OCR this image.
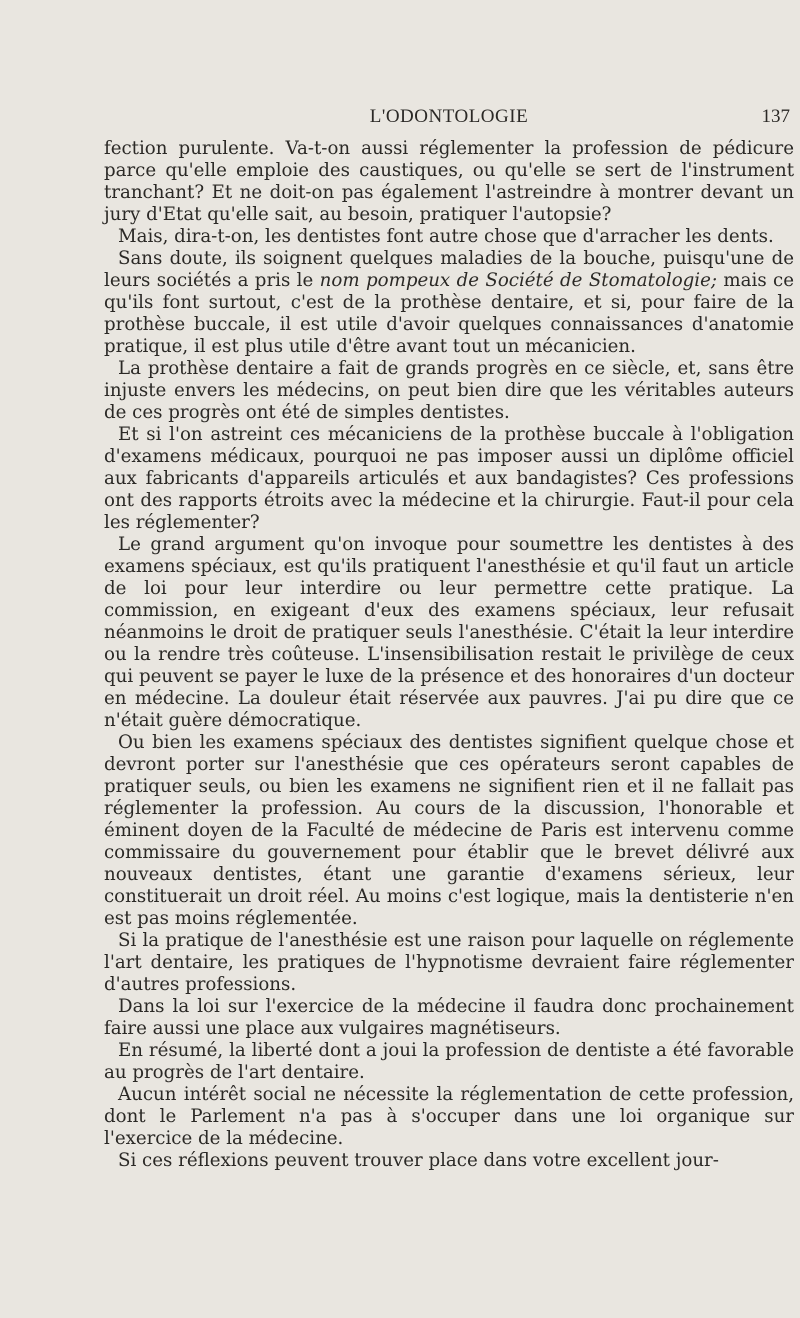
L'ODONTOLOGIE	137

fection purulente. Va-t-on aussi réglementer la profession de pédicure parce qu'elle emploie des caustiques, ou qu'elle se sert de l'instrument tranchant? Et ne doit-on pas également l'astreindre à montrer devant un jury d'Etat qu'elle sait, au besoin, pratiquer l'autopsie?

Mais, dira-t-on, les dentistes font autre chose que d'arracher les dents.

Sans doute, ils soignent quelques maladies de la bouche, puisqu'une de leurs sociétés a pris le nom pompeux de Société de Stomatologie; mais ce qu'ils font surtout, c'est de la prothèse dentaire, et si, pour faire de la prothèse buccale, il est utile d'avoir quelques connaissances d'anatomie pratique, il est plus utile d'être avant tout un mécanicien.

La prothèse dentaire a fait de grands progrès en ce siècle, et, sans être injuste envers les médecins, on peut bien dire que les véritables auteurs de ces progrès ont été de simples dentistes.

Et si l'on astreint ces mécaniciens de la prothèse buccale à l'obligation d'examens médicaux, pourquoi ne pas imposer aussi un diplôme officiel aux fabricants d'appareils articulés et aux bandagistes? Ces professions ont des rapports étroits avec la médecine et la chirurgie. Faut-il pour cela les réglementer?

Le grand argument qu'on invoque pour soumettre les dentistes à des examens spéciaux, est qu'ils pratiquent l'anesthésie et qu'il faut un article de loi pour leur interdire ou leur permettre cette pratique. La commission, en exigeant d'eux des examens spéciaux, leur refusait néanmoins le droit de pratiquer seuls l'anesthésie. C'était la leur interdire ou la rendre très coûteuse. L'insensibilisation restait le privilège de ceux qui peuvent se payer le luxe de la présence et des honoraires d'un docteur en médecine. La douleur était réservée aux pauvres. J'ai pu dire que ce n'était guère démocratique.

Ou bien les examens spéciaux des dentistes signifient quelque chose et devront porter sur l'anesthésie que ces opérateurs seront capables de pratiquer seuls, ou bien les examens ne signifient rien et il ne fallait pas réglementer la profession. Au cours de la discussion, l'honorable et éminent doyen de la Faculté de médecine de Paris est intervenu comme commissaire du gouvernement pour établir que le brevet délivré aux nouveaux dentistes, étant une garantie d'examens sérieux, leur constituerait un droit réel. Au moins c'est logique, mais la dentisterie n'en est pas moins réglementée.

Si la pratique de l'anesthésie est une raison pour laquelle on réglemente l'art dentaire, les pratiques de l'hypnotisme devraient faire réglementer d'autres professions.

Dans la loi sur l'exercice de la médecine il faudra donc prochainement faire aussi une place aux vulgaires magnétiseurs.

En résumé, la liberté dont a joui la profession de dentiste a été favorable au progrès de l'art dentaire.

Aucun intérêt social ne nécessite la réglementation de cette profession, dont le Parlement n'a pas à s'occuper dans une loi organique sur l'exercice de la médecine.

Si ces réflexions peuvent trouver place dans votre excellent jour-
